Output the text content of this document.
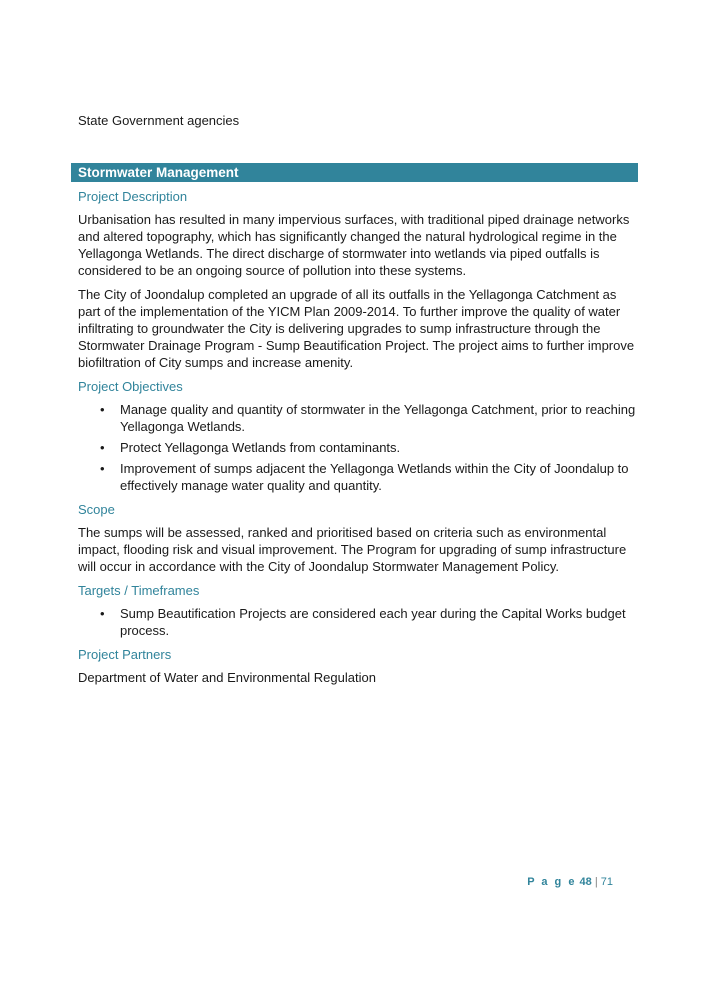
State Government agencies

Stormwater Management
Project Description

Urbanisation has resulted in many impervious surfaces, with traditional piped drainage networks and altered topography, which has significantly changed the natural hydrological regime in the Yellagonga Wetlands. The direct discharge of stormwater into wetlands via piped outfalls is considered to be an ongoing source of pollution into these systems.

The City of Joondalup completed an upgrade of all its outfalls in the Yellagonga Catchment as part of the implementation of the YICM Plan 2009-2014. To further improve the quality of water infiltrating to groundwater the City is delivering upgrades to sump infrastructure through the Stormwater Drainage Program - Sump Beautification Project. The project aims to further improve biofiltration of City sumps and increase amenity.

Project Objectives
• Manage quality and quantity of stormwater in the Yellagonga Catchment, prior to reaching Yellagonga Wetlands.
• Protect Yellagonga Wetlands from contaminants.
• Improvement of sumps adjacent the Yellagonga Wetlands within the City of Joondalup to effectively manage water quality and quantity.
Scope

The sumps will be assessed, ranked and prioritised based on criteria such as environmental impact, flooding risk and visual improvement. The Program for upgrading of sump infrastructure will occur in accordance with the City of Joondalup Stormwater Management Policy.

Targets / Timeframes
• Sump Beautification Projects are considered each year during the Capital Works budget process.
Project Partners

Department of Water and Environmental Regulation

P a g e 48 | 71
